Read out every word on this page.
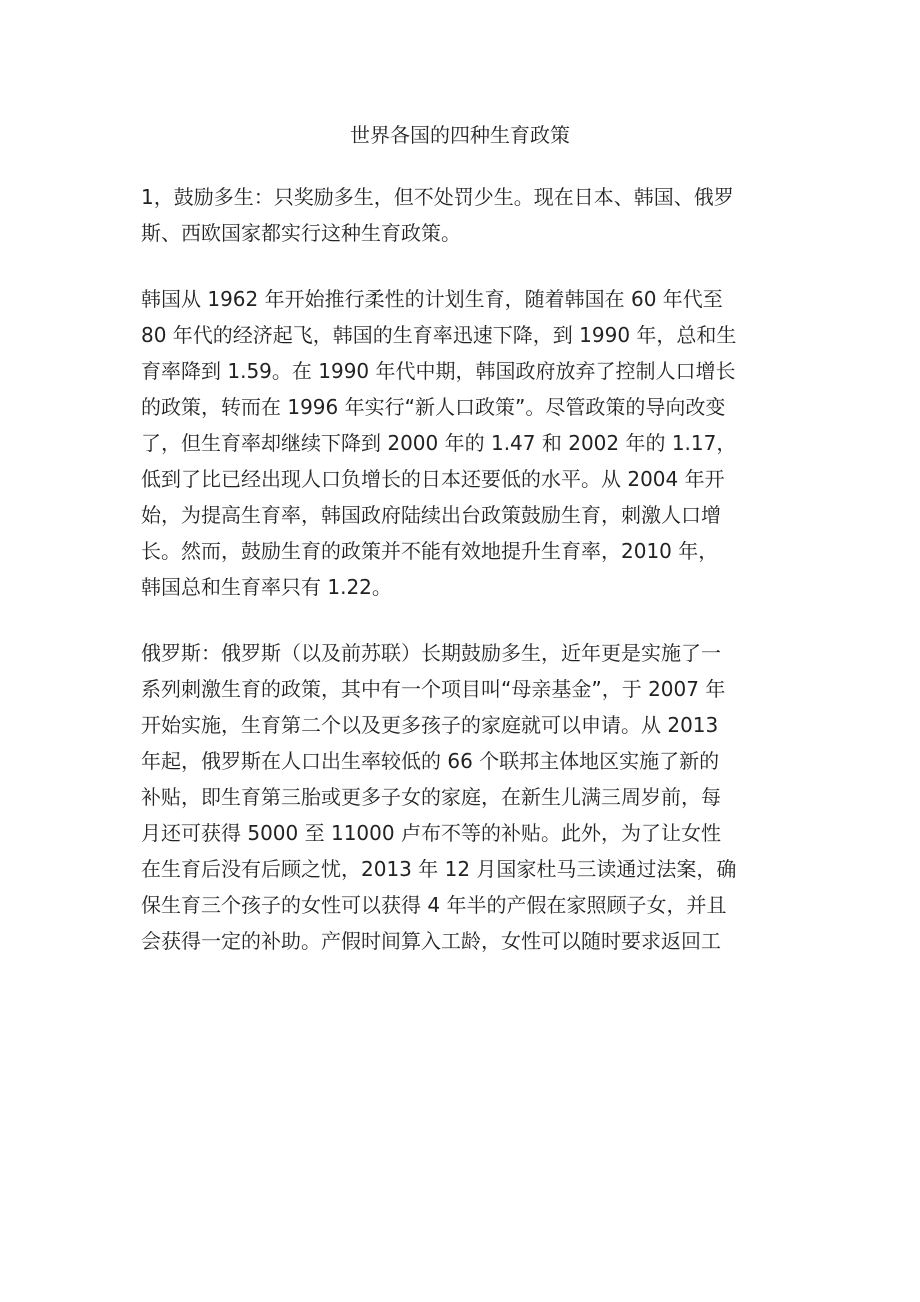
世界各国的四种生育政策

1，鼓励多生：只奖励多生，但不处罚少生。现在日本、韩国、俄罗
斯、西欧国家都实行这种生育政策。

韩国从 1962 年开始推行柔性的计划生育，随着韩国在 60 年代至
80 年代的经济起飞，韩国的生育率迅速下降，到 1990 年，总和生
育率降到 1.59。在 1990 年代中期，韩国政府放弃了控制人口增长
的政策，转而在 1996 年实行“新人口政策”。尽管政策的导向改变
了，但生育率却继续下降到 2000 年的 1.47 和 2002 年的 1.17，
低到了比已经出现人口负增长的日本还要低的水平。从 2004 年开
始，为提高生育率，韩国政府陆续出台政策鼓励生育，刺激人口增
长。然而，鼓励生育的政策并不能有效地提升生育率，2010 年，
韩国总和生育率只有 1.22。

俄罗斯：俄罗斯（以及前苏联）长期鼓励多生，近年更是实施了一
系列刺激生育的政策，其中有一个项目叫“母亲基金”，于 2007 年
开始实施，生育第二个以及更多孩子的家庭就可以申请。从 2013
年起，俄罗斯在人口出生率较低的 66 个联邦主体地区实施了新的
补贴，即生育第三胎或更多子女的家庭，在新生儿满三周岁前，每
月还可获得 5000 至 11000 卢布不等的补贴。此外，为了让女性
在生育后没有后顾之忧，2013 年 12 月国家杜马三读通过法案，确
保生育三个孩子的女性可以获得 4 年半的产假在家照顾子女，并且
会获得一定的补助。产假时间算入工龄，女性可以随时要求返回工
